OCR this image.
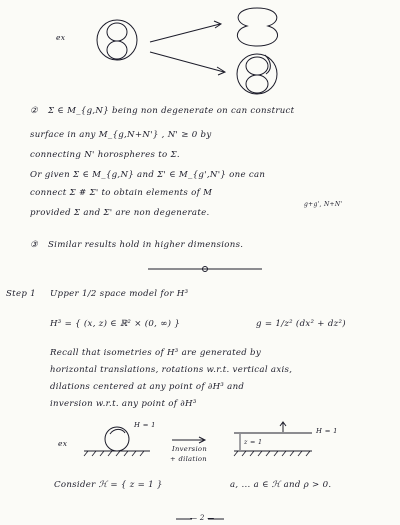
ex
② Σ ∈ M_{g,N} being non degenerate on can construct
surface in any M_{g,N+N'} , N' ≥ 0 by
connecting N' horospheres to Σ.
Or given Σ ∈ M_{g,N} and Σ' ∈ M_{g',N'} one can
connect Σ # Σ' to obtain elements of M
g+g', N+N'
provided Σ and Σ' are non degenerate.
③ Similar results hold in higher dimensions.
Step 1 Upper 1/2 space model for H³
H³ = { (x, z) ∈ ℝ² × (0, ∞) }	g = 1/z² (dx² + dz²)
Recall that isometries of H³ are generated by
horizontal translations, rotations w.r.t. vertical axis,
dilations centered at any point of ∂H³ and
inversion w.r.t. any point of ∂H³
ex
H = 1
Inversion
+ dilation
z = 1
H = 1
Consider ℋ = { z = 1 }	a, ... a ∈ ℋ and ρ > 0.
— 2 —
